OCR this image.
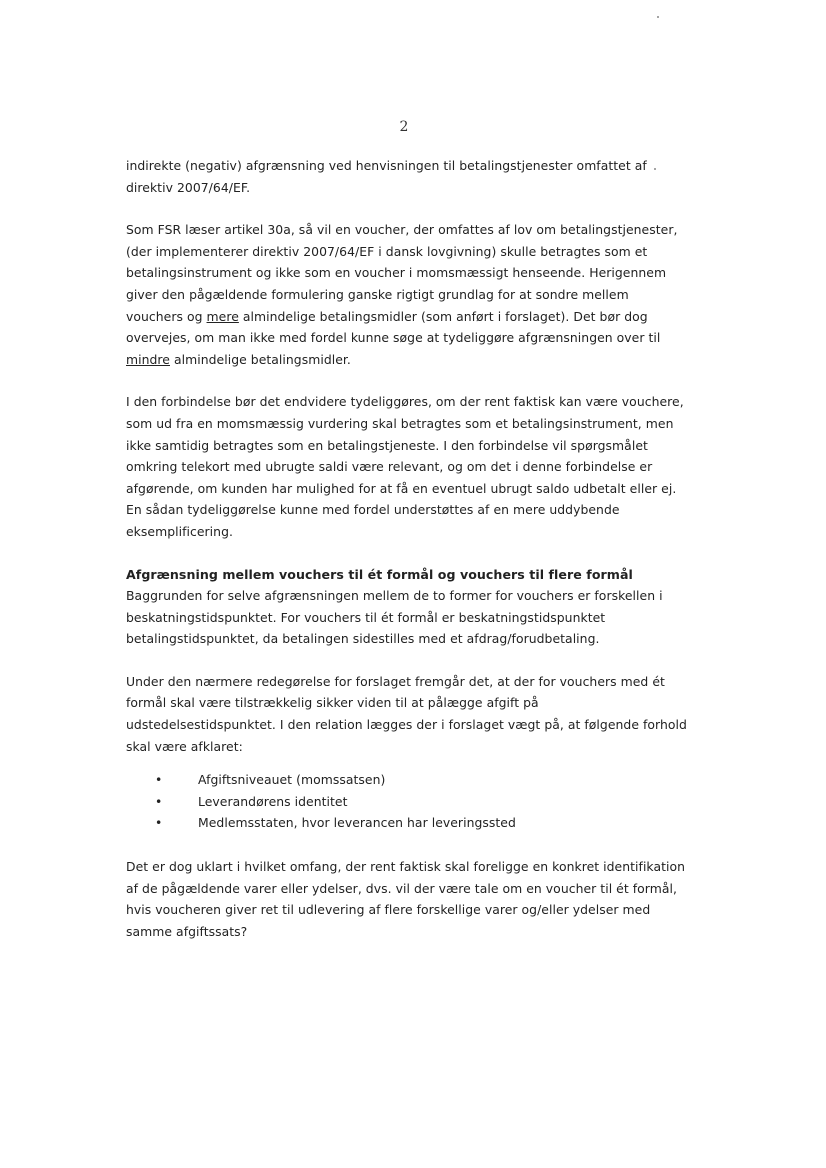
2

indirekte (negativ) afgrænsning ved henvisningen til betalingstjenester omfattet af direktiv 2007/64/EF.

Som FSR læser artikel 30a, så vil en voucher, der omfattes af lov om betalingstjenester, (der implementerer direktiv 2007/64/EF i dansk lovgivning) skulle betragtes som et betalingsinstrument og ikke som en voucher i momsmæssigt henseende. Herigennem giver den pågældende formulering ganske rigtigt grundlag for at sondre mellem vouchers og mere almindelige betalingsmidler (som anført i forslaget). Det bør dog overvejes, om man ikke med fordel kunne søge at tydeliggøre afgrænsningen over til mindre almindelige betalingsmidler.

I den forbindelse bør det endvidere tydeliggøres, om der rent faktisk kan være vouchere, som ud fra en momsmæssig vurdering skal betragtes som et betalingsinstrument, men ikke samtidig betragtes som en betalingstjeneste. I den forbindelse vil spørgsmålet omkring telekort med ubrugte saldi være relevant, og om det i denne forbindelse er afgørende, om kunden har mulighed for at få en eventuel ubrugt saldo udbetalt eller ej. En sådan tydeliggørelse kunne med fordel understøttes af en mere uddybende eksemplificering.

Afgrænsning mellem vouchers til ét formål og vouchers til flere formål
Baggrunden for selve afgrænsningen mellem de to former for vouchers er forskellen i beskatningstidspunktet. For vouchers til ét formål er beskatningstidspunktet betalingstidspunktet, da betalingen sidestilles med et afdrag/forudbetaling.

Under den nærmere redegørelse for forslaget fremgår det, at der for vouchers med ét formål skal være tilstrækkelig sikker viden til at pålægge afgift på udstedelsestidspunktet. I den relation lægges der i forslaget vægt på, at følgende forhold skal være afklaret:

•	Afgiftsniveauet (momssatsen)
•	Leverandørens identitet
•	Medlemsstaten, hvor leverancen har leveringssted

Det er dog uklart i hvilket omfang, der rent faktisk skal foreligge en konkret identifikation af de pågældende varer eller ydelser, dvs. vil der være tale om en voucher til ét formål, hvis voucheren giver ret til udlevering af flere forskellige varer og/eller ydelser med samme afgiftssats?
